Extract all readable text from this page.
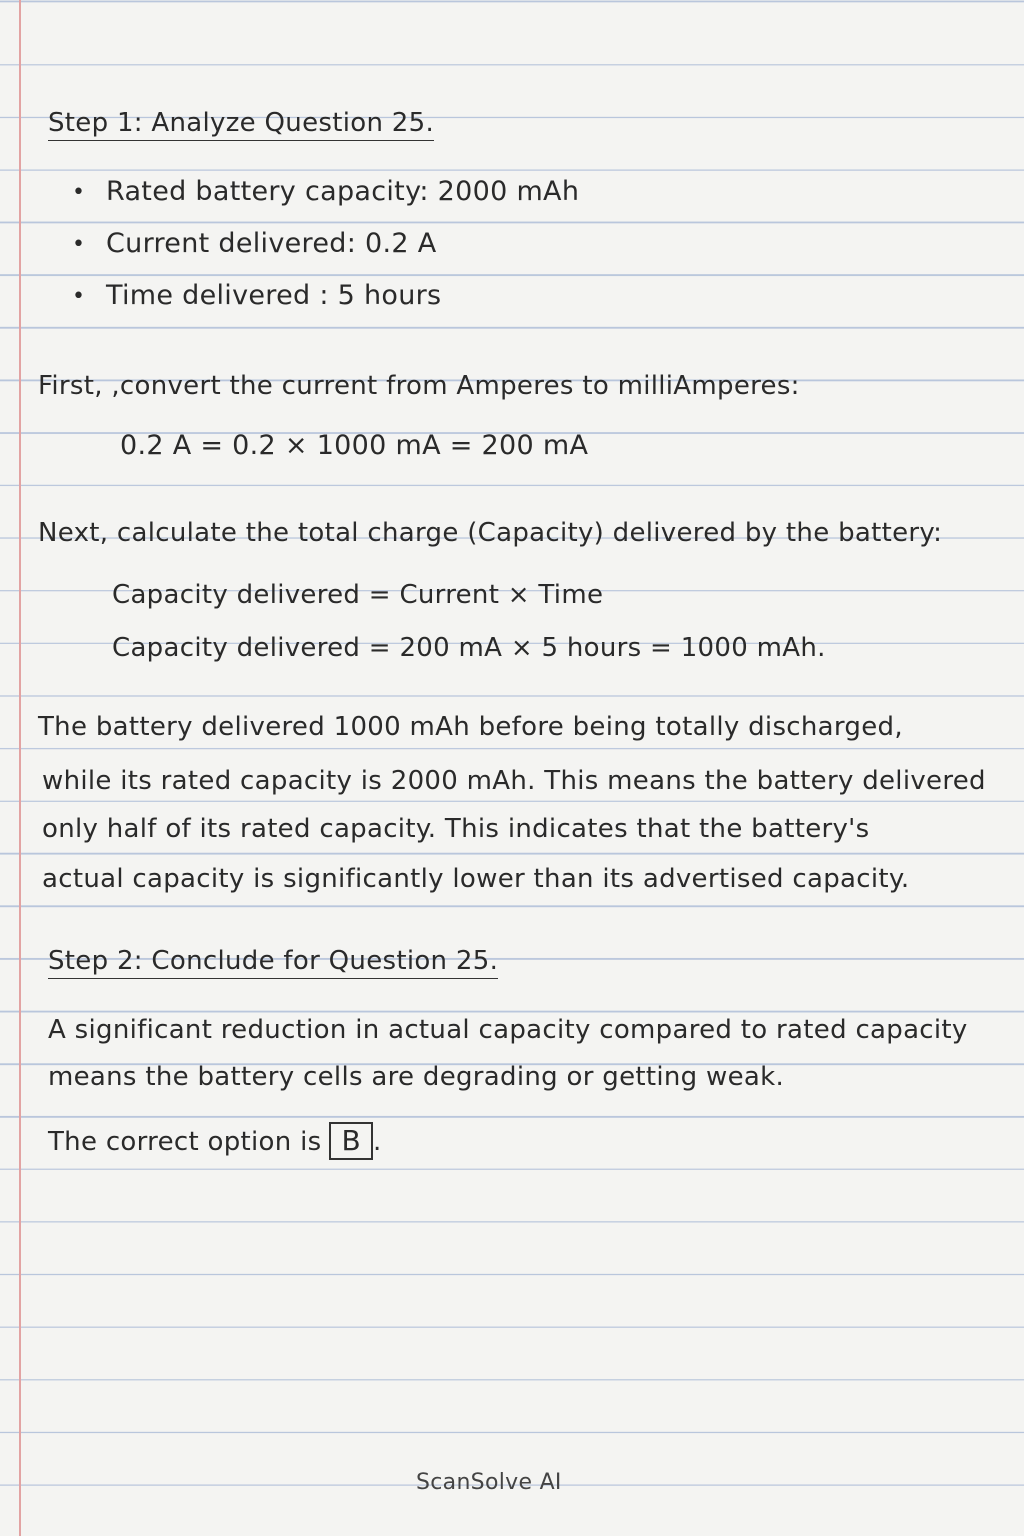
Step 1: Analyze Question 25.
• Rated battery capacity: 2000 mAh
• Current delivered: 0.2 A
• Time delivered : 5 hours
First, ,convert the current from Amperes to milliAmperes:
0.2 A = 0.2 × 1000 mA = 200 mA
Next, calculate the total charge (Capacity) delivered by the battery:
Capacity delivered = Current × Time
Capacity delivered = 200 mA × 5 hours = 1000 mAh.
The battery delivered 1000 mAh before being totally discharged,
while its rated capacity is 2000 mAh. This means the battery delivered
only half of its rated capacity. This indicates that the battery's
actual capacity is significantly lower than its advertised capacity.
Step 2: Conclude for Question 25.
A significant reduction in actual capacity compared to rated capacity
means the battery cells are degrading or getting weak.
The correct option is B .
ScanSolve AI
